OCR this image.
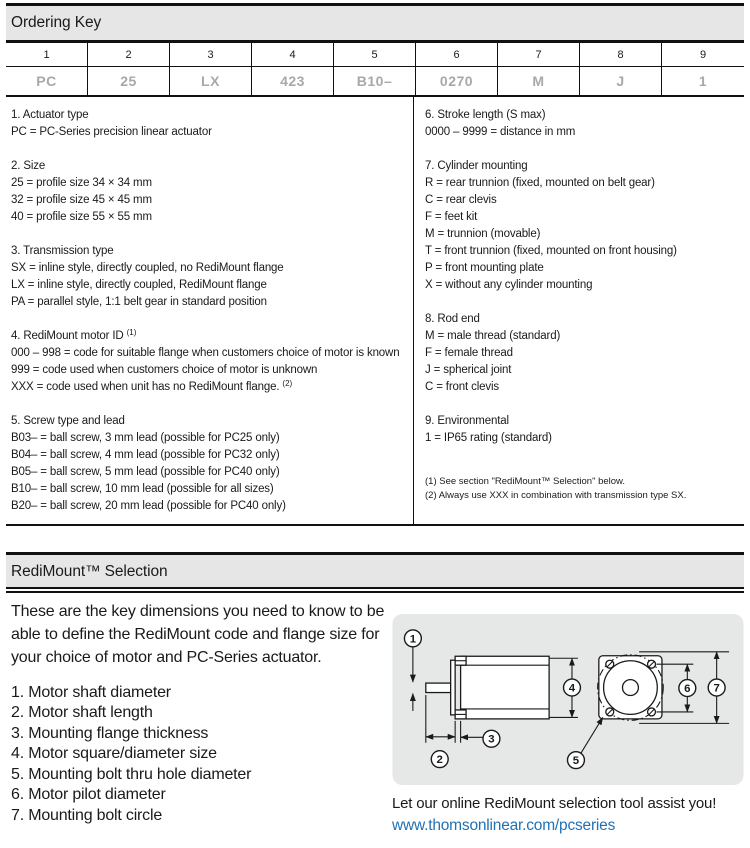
Ordering Key
1	2	3	4	5	6	7	8	9
PC	25	LX	423	B10–	0270	M	J	1
1. Actuator type
PC = PC-Series precision linear actuator
2. Size
25 = profile size 34 × 34 mm
32 = profile size 45 × 45 mm
40 = profile size 55 × 55 mm
3. Transmission type
SX = inline style, directly coupled, no RediMount flange
LX = inline style, directly coupled, RediMount flange
PA = parallel style, 1:1 belt gear in standard position
4. RediMount motor ID $^{(1)}$
000 – 998 = code for suitable flange when customers choice of motor is known
999 = code used when customers choice of motor is unknown
XXX = code used when unit has no RediMount flange. $^{(2)}$
5. Screw type and lead
B03– = ball screw, 3 mm lead (possible for PC25 only)
B04– = ball screw, 4 mm lead (possible for PC32 only)
B05– = ball screw, 5 mm lead (possible for PC40 only)
B10– = ball screw, 10 mm lead (possible for all sizes)
B20– = ball screw, 20 mm lead (possible for PC40 only)
6. Stroke length (S max)
0000 – 9999 = distance in mm
7. Cylinder mounting
R = rear trunnion (fixed, mounted on belt gear)
C = rear clevis
F = feet kit
M = trunnion (movable)
T = front trunnion (fixed, mounted on front housing)
P = front mounting plate
X = without any cylinder mounting
8. Rod end
M = male thread (standard)
F = female thread
J = spherical joint
C = front clevis
9. Environmental
1 = IP65 rating (standard)
(1) See section "RediMount™ Selection" below.
(2) Always use XXX in combination with transmission type SX.
RediMount™ Selection
These are the key dimensions you need to know to be able to define the RediMount code and flange size for your choice of motor and PC-Series actuator.
1. Motor shaft diameter
2. Motor shaft length
3. Mounting flange thickness
4. Motor square/diameter size
5. Mounting bolt thru hole diameter
6. Motor pilot diameter
7. Mounting bolt circle
1
4
3
2
6 7
5
Let our online RediMount selection tool assist you!
www.thomsonlinear.com/pcseries
